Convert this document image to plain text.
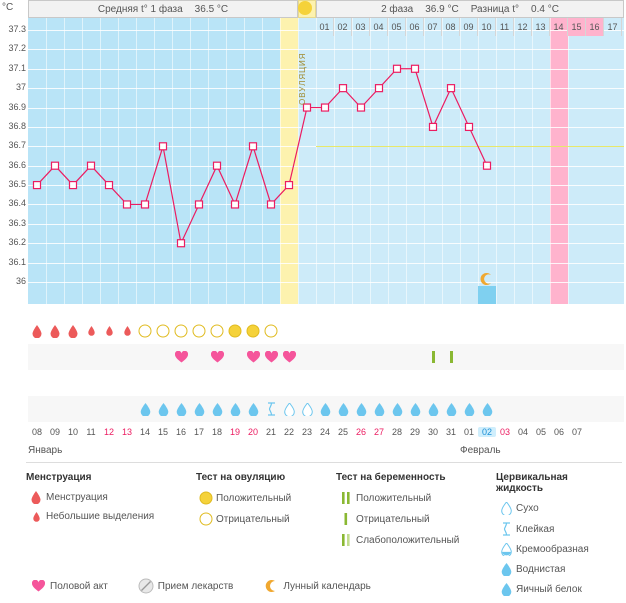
°C	Средняя t° 1 фаза 36.5 °C	2 фаза 36.9 °C Разница t° 0.4 °C
37.3
37.2
37.1
37
36.9
36.8
36.7
36.6
36.5
36.4
36.3
36.2
36.1
36
01 02 03 04 05 06 07 08 09 10 11 12 13 14 15 16 17
ОВУЛЯЦИЯ
08 09 10 11 12 13 14 15 16 17 18 19 20 21 22 23 24 25 26 27 28 29 30 31 01 02 03 04 05 06 07
Январь	Февраль
Менструация
Менструация
Небольшие выделения
Тест на овуляцию
Положительный
Отрицательный
Тест на беременность
Положительный
Отрицательный
Слабоположительный
Цервикальная жидкость
Сухо
Клейкая
Кремообразная
Воднистая
Яичный белок
Половой акт	Прием лекарств	Лунный календарь
